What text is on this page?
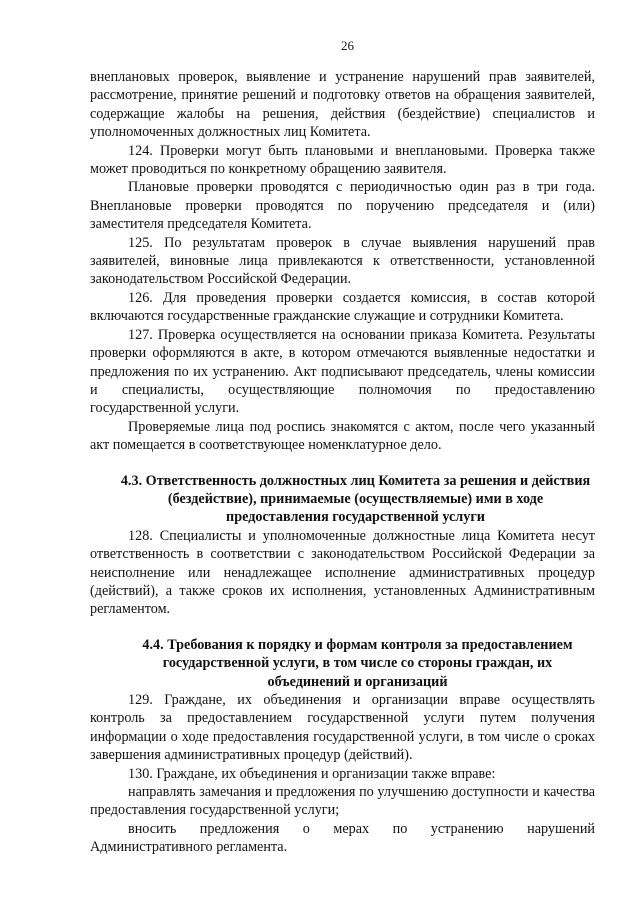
26

внеплановых проверок, выявление и устранение нарушений прав заявителей, рассмотрение, принятие решений и подготовку ответов на обращения заявителей, содержащие жалобы на решения, действия (бездействие) специалистов и уполномоченных должностных лиц Комитета.

124. Проверки могут быть плановыми и внеплановыми. Проверка также может проводиться по конкретному обращению заявителя.

Плановые проверки проводятся с периодичностью один раз в три года. Внеплановые проверки проводятся по поручению председателя и (или) заместителя председателя Комитета.

125. По результатам проверок в случае выявления нарушений прав заявителей, виновные лица привлекаются к ответственности, установленной законодательством Российской Федерации.

126. Для проведения проверки создается комиссия, в состав которой включаются государственные гражданские служащие и сотрудники Комитета.

127. Проверка осуществляется на основании приказа Комитета. Результаты проверки оформляются в акте, в котором отмечаются выявленные недостатки и предложения по их устранению. Акт подписывают председатель, члены комиссии и специалисты, осуществляющие полномочия по предоставлению государственной услуги.

Проверяемые лица под роспись знакомятся с актом, после чего указанный акт помещается в соответствующее номенклатурное дело.

4.3. Ответственность должностных лиц Комитета за решения и действия (бездействие), принимаемые (осуществляемые) ими в ходе предоставления государственной услуги

128. Специалисты и уполномоченные должностные лица Комитета несут ответственность в соответствии с законодательством Российской Федерации за неисполнение или ненадлежащее исполнение административных процедур (действий), а также сроков их исполнения, установленных Административным регламентом.

4.4. Требования к порядку и формам контроля за предоставлением государственной услуги, в том числе со стороны граждан, их объединений и организаций

129. Граждане, их объединения и организации вправе осуществлять контроль за предоставлением государственной услуги путем получения информации о ходе предоставления государственной услуги, в том числе о сроках завершения административных процедур (действий).

130. Граждане, их объединения и организации также вправе:

направлять замечания и предложения по улучшению доступности и качества предоставления государственной услуги;

вносить предложения о мерах по устранению нарушений Административного регламента.
